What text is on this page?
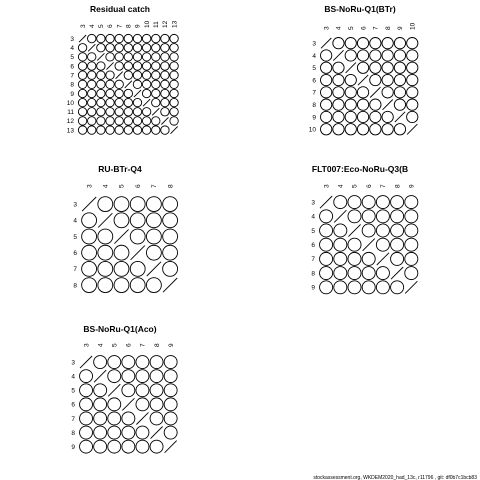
Residual catch
3
3
4
4
5
5
6
6
7
7
8
8
9
9
10
10
11
11
12
12
13
13
BS-NoRu-Q1(BTr)
3
3
4
4
5
5
6
6
7
7
8
8
9
9
10
10
RU-BTr-Q4
3
3
4
4
5
5
6
6
7
7
8
8
FLT007:Eco-NoRu-Q3(B
3
3
4
4
5
5
6
6
7
7
8
8
9
9
BS-NoRu-Q1(Aco)
3
3
4
4
5
5
6
6
7
7
8
8
9
9
stockassessment.org, WKDEM2020_had_13c, r11796 , git: df0b7c1bcb83
